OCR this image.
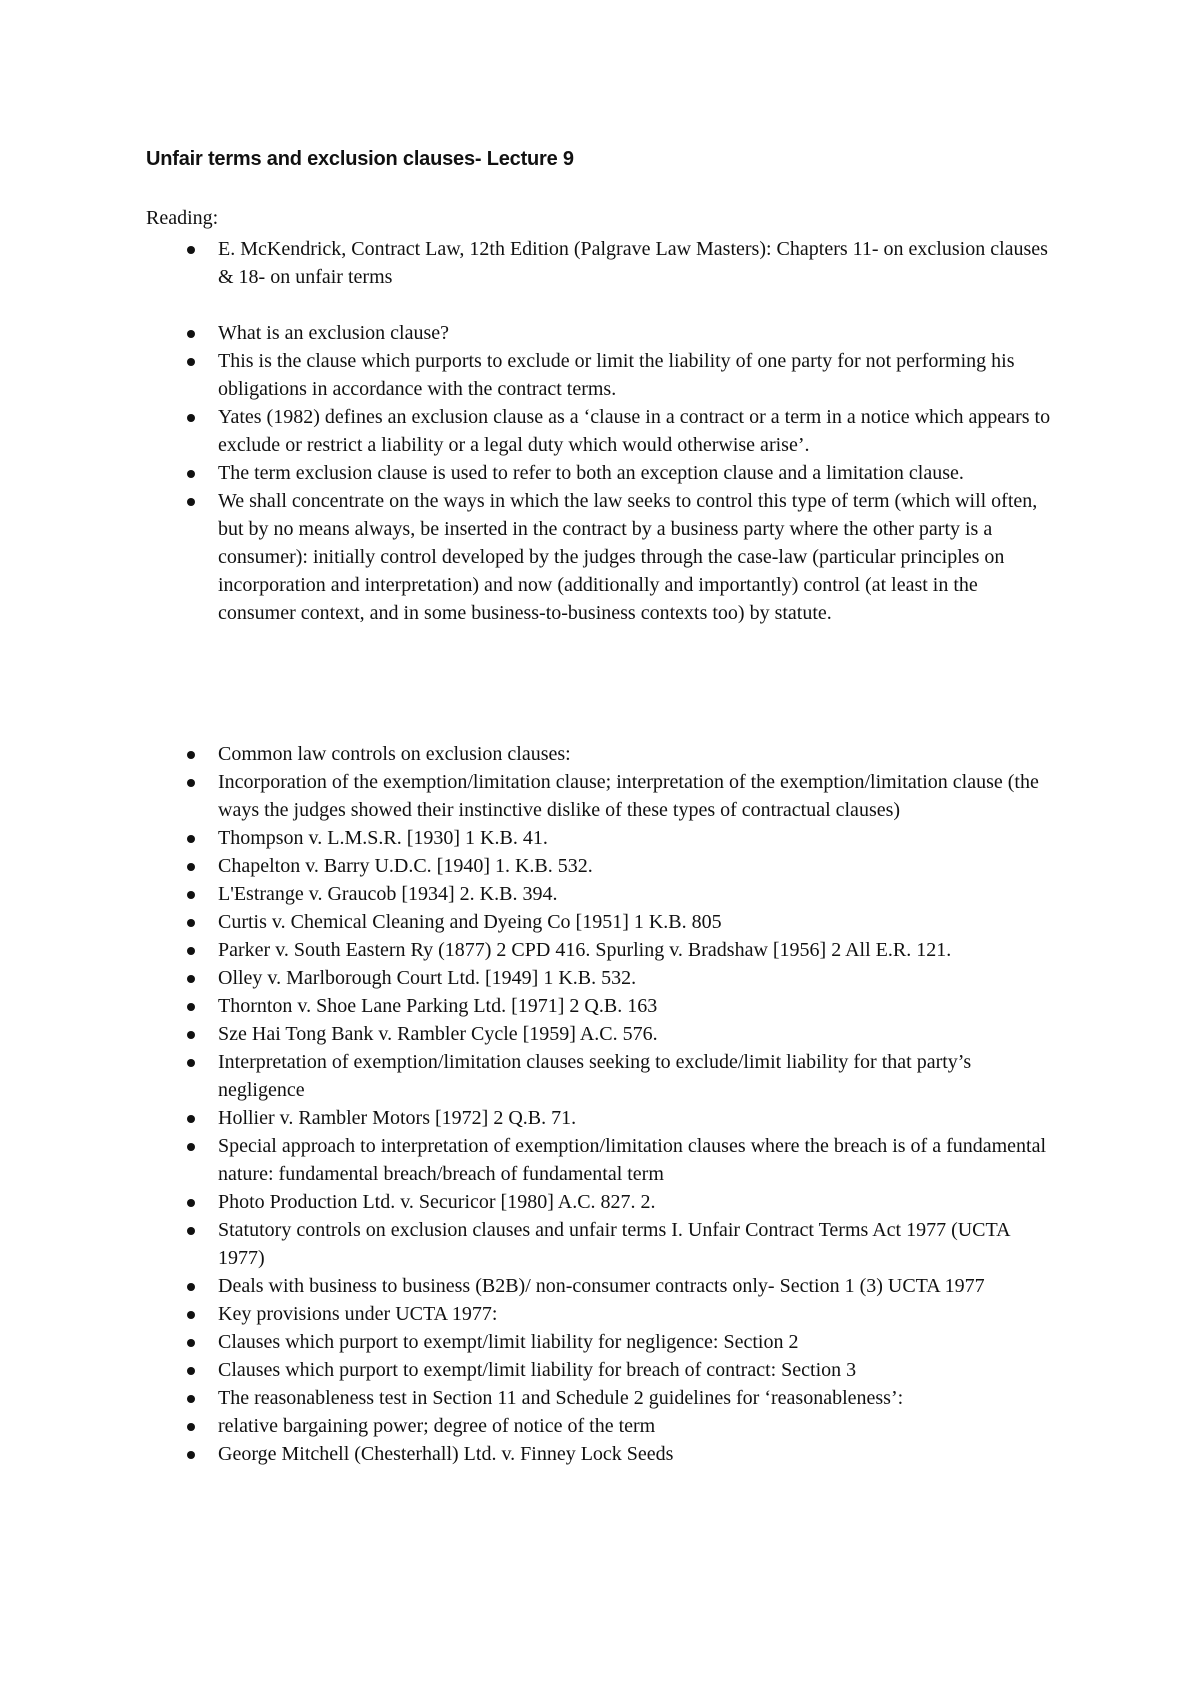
Unfair terms and exclusion clauses- Lecture 9
Reading:
E. McKendrick, Contract Law, 12th Edition (Palgrave Law Masters): Chapters 11- on exclusion clauses & 18- on unfair terms
What is an exclusion clause?
This is the clause which purports to exclude or limit the liability of one party for not performing his obligations in accordance with the contract terms.
Yates (1982) defines an exclusion clause as a ‘clause in a contract or a term in a notice which appears to exclude or restrict a liability or a legal duty which would otherwise arise’.
The term exclusion clause is used to refer to both an exception clause and a limitation clause.
We shall concentrate on the ways in which the law seeks to control this type of term (which will often, but by no means always, be inserted in the contract by a business party where the other party is a consumer): initially control developed by the judges through the case-law (particular principles on incorporation and interpretation) and now (additionally and importantly) control (at least in the consumer context, and in some business-to-business contexts too) by statute.
Common law controls on exclusion clauses:
Incorporation of the exemption/limitation clause; interpretation of the exemption/limitation clause (the ways the judges showed their instinctive dislike of these types of contractual clauses)
Thompson v. L.M.S.R. [1930] 1 K.B. 41.
Chapelton v. Barry U.D.C. [1940] 1. K.B. 532.
L'Estrange v. Graucob [1934] 2. K.B. 394.
Curtis v. Chemical Cleaning and Dyeing Co [1951] 1 K.B. 805
Parker v. South Eastern Ry (1877) 2 CPD 416. Spurling v. Bradshaw [1956] 2 All E.R. 121.
Olley v. Marlborough Court Ltd. [1949] 1 K.B. 532.
Thornton v. Shoe Lane Parking Ltd. [1971] 2 Q.B. 163
Sze Hai Tong Bank v. Rambler Cycle [1959] A.C. 576.
Interpretation of exemption/limitation clauses seeking to exclude/limit liability for that party’s negligence
Hollier v. Rambler Motors [1972] 2 Q.B. 71.
Special approach to interpretation of exemption/limitation clauses where the breach is of a fundamental nature: fundamental breach/breach of fundamental term
Photo Production Ltd. v. Securicor [1980] A.C. 827. 2.
Statutory controls on exclusion clauses and unfair terms I. Unfair Contract Terms Act 1977 (UCTA 1977)
Deals with business to business (B2B)/ non-consumer contracts only- Section 1 (3) UCTA 1977
Key provisions under UCTA 1977:
Clauses which purport to exempt/limit liability for negligence: Section 2
Clauses which purport to exempt/limit liability for breach of contract: Section 3
The reasonableness test in Section 11 and Schedule 2 guidelines for ‘reasonableness’:
relative bargaining power; degree of notice of the term
George Mitchell (Chesterhall) Ltd. v. Finney Lock Seeds
